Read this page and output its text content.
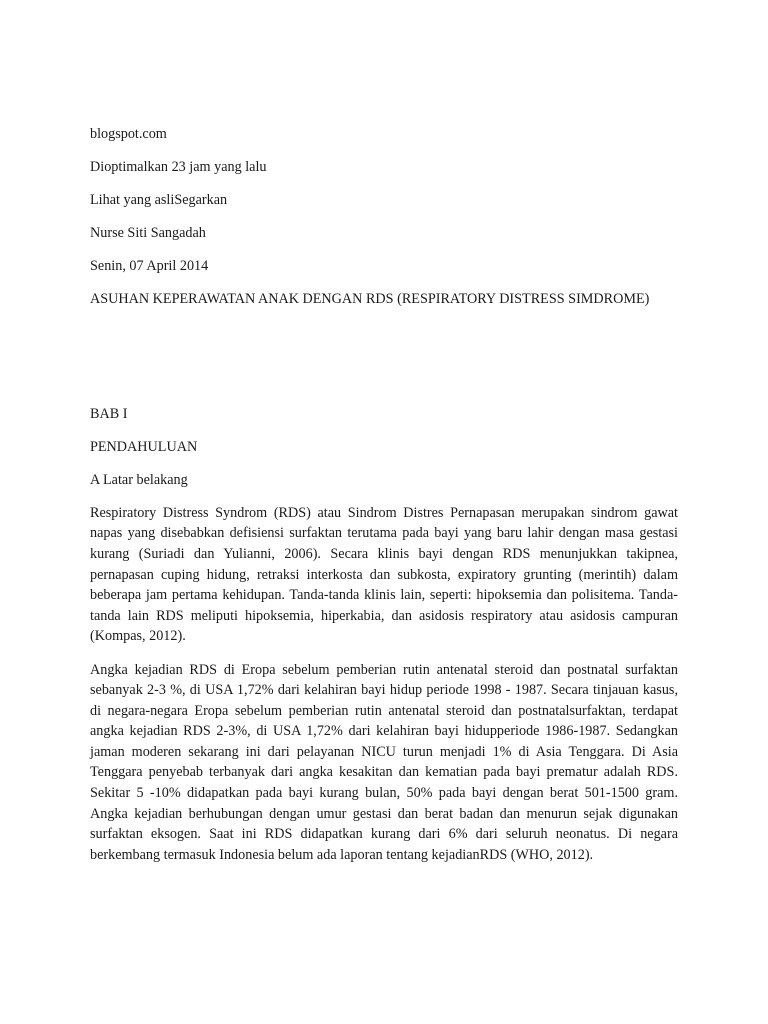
blogspot.com

Dioptimalkan 23 jam yang lalu

Lihat yang asliSegarkan

Nurse Siti Sangadah

Senin, 07 April 2014

ASUHAN KEPERAWATAN ANAK DENGAN RDS (RESPIRATORY DISTRESS SIMDROME)

BAB I

PENDAHULUAN

A Latar belakang

Respiratory Distress Syndrom (RDS) atau Sindrom Distres Pernapasan merupakan sindrom gawat napas yang disebabkan defisiensi surfaktan terutama pada bayi yang baru lahir dengan masa gestasi kurang (Suriadi dan Yulianni, 2006). Secara klinis bayi dengan RDS menunjukkan takipnea, pernapasan cuping hidung, retraksi interkosta dan subkosta, expiratory grunting (merintih) dalam beberapa jam pertama kehidupan. Tanda-tanda klinis lain, seperti: hipoksemia dan polisitema. Tanda-tanda lain RDS meliputi hipoksemia, hiperkabia, dan asidosis respiratory atau asidosis campuran (Kompas, 2012).

Angka kejadian RDS di Eropa sebelum pemberian rutin antenatal steroid dan postnatal surfaktan sebanyak 2-3 %, di USA 1,72% dari kelahiran bayi hidup periode 1998 - 1987. Secara tinjauan kasus, di negara-negara Eropa sebelum pemberian rutin antenatal steroid dan postnatalsurfaktan, terdapat angka kejadian RDS 2-3%, di USA 1,72% dari kelahiran bayi hidupperiode 1986-1987. Sedangkan jaman moderen sekarang ini dari pelayanan NICU turun menjadi 1% di Asia Tenggara. Di Asia Tenggara penyebab terbanyak dari angka kesakitan dan kematian pada bayi prematur adalah RDS. Sekitar 5 -10% didapatkan pada bayi kurang bulan, 50% pada bayi dengan berat 501-1500 gram. Angka kejadian berhubungan dengan umur gestasi dan berat badan dan menurun sejak digunakan surfaktan eksogen. Saat ini RDS didapatkan kurang dari 6% dari seluruh neonatus. Di negara berkembang termasuk Indonesia belum ada laporan tentang kejadianRDS (WHO, 2012).
